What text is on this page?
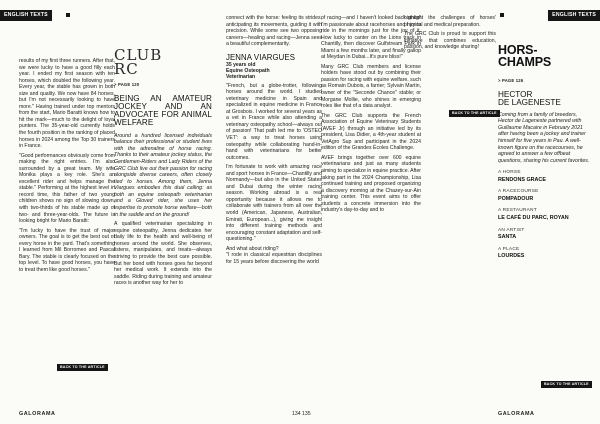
ENGLISH TEXTS	ENGLISH TEXTS

results of my first three runners. After that, we were lucky to have a good filly each year. I ended my first season with ten horses, which doubled the following year. Every year, the stable has grown in both size and quality. We now have 84 horses, but I'm not necessarily looking to have more." Having trained under top mentors from the start, Mario Baratti knows how to hit the mark—much to the delight of loyal punters. The 35-year-old currently holds the fourth position in the ranking of placed horses in 2024 among the Top 30 trainers in France.

"Good performances obviously come from making the right entries. I'm also surrounded by a great team. My wife Monika plays a key role. She's an excellent rider and helps manage the stable." Performing at the highest level in record time, this father of two young children shows no sign of slowing down, with two-thirds of his stable made up of two- and three-year-olds. The future is looking bright for Mario Baratti:

"I'm lucky to have the trust of major owners. The goal is to get the best out of every horse in the yard. That's something I learned from Mil Borromeo and Pascal Bary. The stable is clearly focused on the top level. To have good horses, you have to treat them like good horses."

BACK TO THE ARTICLE
CLUB
RC
> PAGE 120
BEING AN AMATEUR JOCKEY AND AN ADVOCATE FOR ANIMAL WELFARE

Around a hundred licensed individuals balance their professional or student lives with the adrenaline of horse racing. Thanks to their amateur jockey status, the Gentlemen-Riders and Lady Riders of the GRC Club live out their passion for racing alongside diverse careers, often closely tied to horses. Among them, Jenna Viargues embodies this dual calling: as both an equine osteopath veterinarian and a Gloved rider, she uses her expertise to promote horse welfare—both in the saddle and on the ground!

A qualified veterinarian specializing in equine osteopathy, Jenna dedicates her daily life to the health and well-being of horses around the world. She observes, listens, manipulates, and treats—always striving to provide the best care possible. But her bond with horses goes far beyond her medical work. It extends into the saddle. Riding during training and amateur races is another way for her to

connect with the horse: feeling its strides, anticipating its movements, guiding it with precision. While some see two opposing careers—healing and racing—Jenna sees a beautiful complementarity.

JENNA VIARGUES
35 years old
Equine Osteopath
Veterinarian

"French, but a globe-trotter, following horses around the world. I studied veterinary medicine in Spain and specialized in equine medicine in France at Grosbois. I worked for several years as a vet in France while also attending a veterinary osteopathy school—always out of passion! That path led me to 'OSTEO VET': a way to treat horses using osteopathy while collaborating hand-in-hand with veterinarians for better outcomes.

I'm fortunate to work with amazing race and sport horses in France—Chantilly and Normandy—but also in the United States and Dubai during the winter racing season. Working abroad is a real opportunity because it allows me to collaborate with trainers from all over the world (American, Japanese, Australian, Emirati, European...), giving me insight into different training methods and encouraging constant adaptation and self-questioning."

And what about riding?

"I rode in classical equestrian disciplines for 15 years before discovering the world

of racing—and I haven't looked back since! I'm passionate about racehorses and I try to ride in the mornings just for the joy of it. How lucky to canter on the Lions track in Chantilly, then discover Gulfstream Park in Miami a few months later, and finally gallop at Meydan in Dubai...It's pure bliss!"

Many GRC Club members and license holders have stood out by combining their passion for racing with equine welfare, such as Romain Dubois, a farrier; Sylvain Martin, owner of the "Seconde Chance" stable; or Morgane Mollie, who shines in emerging roles like that of a data analyst.

The GRC Club supports the French Association of Equine Veterinary Students (AVEF Jr) through an initiative led by its president, Lisa Didier, a 4th-year student at VetAgro Sup and participant in the 2024 edition of the Grandes Écoles Challenge.

AVEF brings together over 600 equine veterinarians and just as many students aiming to specialize in equine practice. After taking part in the 2024 Championship, Lisa continued training and proposed organizing a discovery morning at the Chazey-sur-Ain training center. This event aims to offer students a concrete immersion into the industry's day-to-day and to

highlight the challenges of horses' physical and medical preparation.

The GRC Club is proud to support this initiative that combines education, passion, and knowledge sharing!

BACK TO THE ARTICLE
HORS-
CHAMPS
> PAGE 126
HECTOR
DE LAGENESTE

Coming from a family of breeders, Hector de Lageneste partnered with Guillaume Macaire in February 2021 after having been a jockey and trainer himself for five years in Pau. A well-known figure on the racecourses, he agreed to answer a few offbeat questions, sharing his current favorites.

A HORSE
RENDONS GRACE
A RACECOURSE
POMPADOUR
A RESTAURANT
LE CAFÉ DU PARC, ROYAN
AN ARTIST
SANTA
A PLACE
LOURDES
BACK TO THE ARTICLE
GALORAMA	134 135	GALORAMA
